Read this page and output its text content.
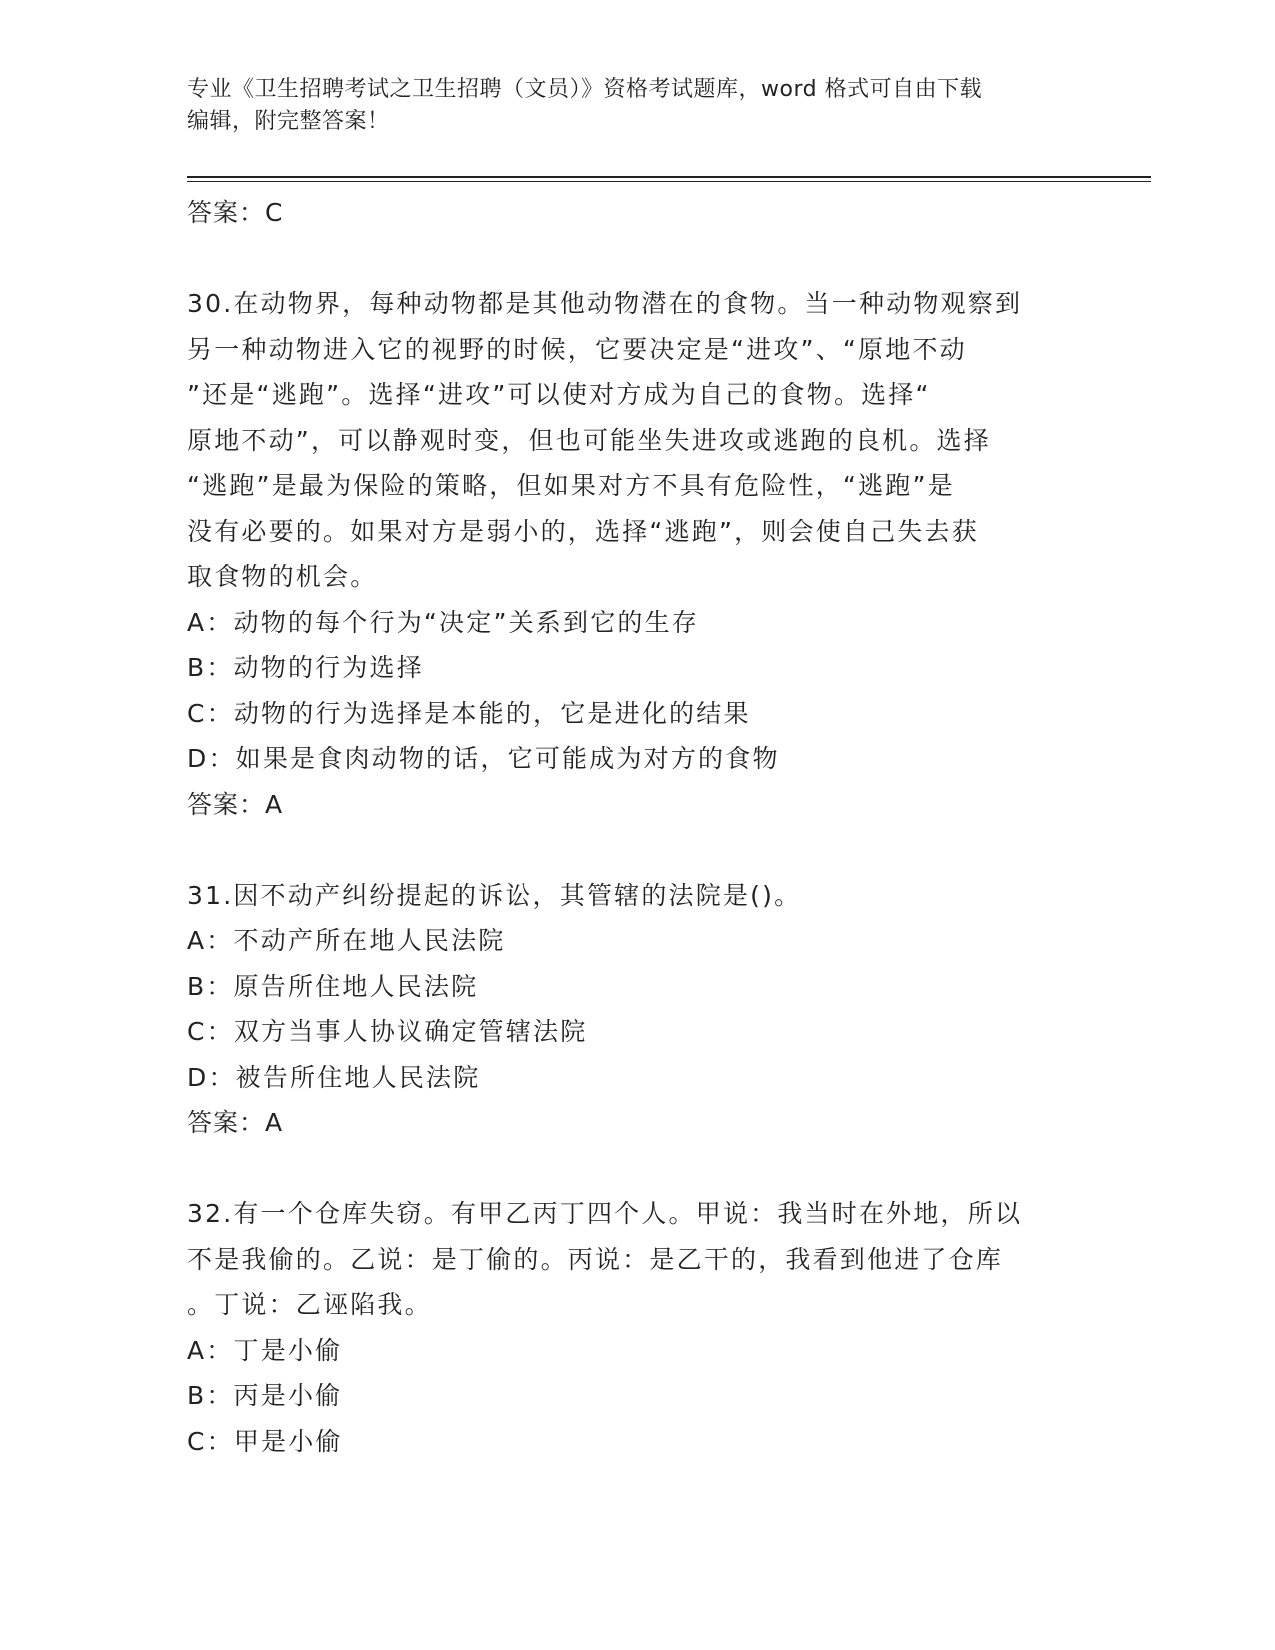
专业《卫生招聘考试之卫生招聘（文员）》资格考试题库，word 格式可自由下载
编辑，附完整答案！
答案：C
30.在动物界，每种动物都是其他动物潜在的食物。当一种动物观察到
另一种动物进入它的视野的时候，它要决定是“进攻”、“原地不动
”还是“逃跑”。选择“进攻”可以使对方成为自己的食物。选择“
原地不动”，可以静观时变，但也可能坐失进攻或逃跑的良机。选择
“逃跑”是最为保险的策略，但如果对方不具有危险性，“逃跑”是
没有必要的。如果对方是弱小的，选择“逃跑”，则会使自己失去获
取食物的机会。
A：动物的每个行为“决定”关系到它的生存
B：动物的行为选择
C：动物的行为选择是本能的，它是进化的结果
D：如果是食肉动物的话，它可能成为对方的食物
答案：A
31.因不动产纠纷提起的诉讼，其管辖的法院是()。
A：不动产所在地人民法院
B：原告所住地人民法院
C：双方当事人协议确定管辖法院
D：被告所住地人民法院
答案：A
32.有一个仓库失窃。有甲乙丙丁四个人。甲说：我当时在外地，所以
不是我偷的。乙说：是丁偷的。丙说：是乙干的，我看到他进了仓库
。丁说：乙诬陷我。
A：丁是小偷
B：丙是小偷
C：甲是小偷
